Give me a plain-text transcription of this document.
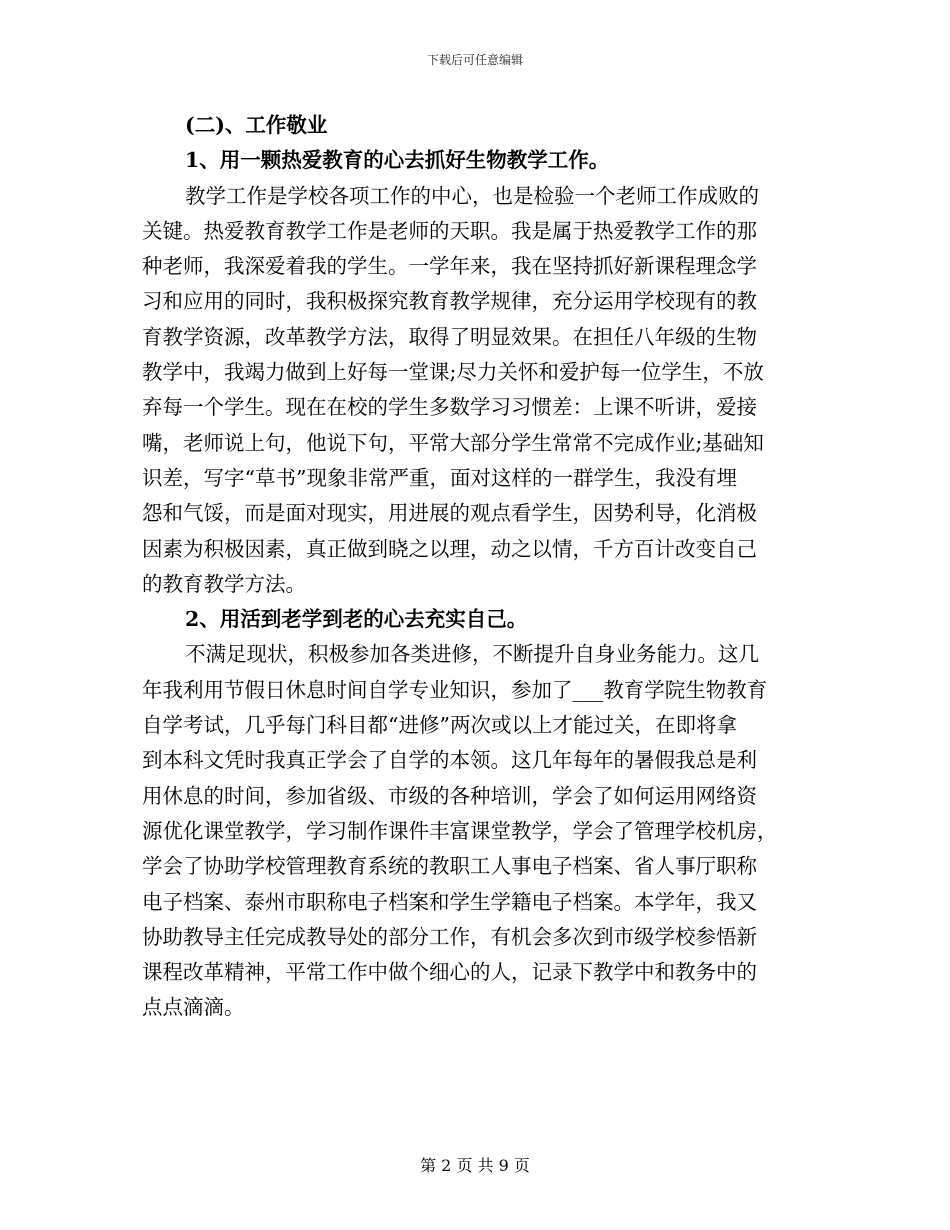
下载后可任意编辑

(二)、工作敬业

1、用一颗热爱教育的心去抓好生物教学工作。

教学工作是学校各项工作的中心，也是检验一个老师工作成败的
关键。热爱教育教学工作是老师的天职。我是属于热爱教学工作的那
种老师，我深爱着我的学生。一学年来，我在坚持抓好新课程理念学
习和应用的同时，我积极探究教育教学规律，充分运用学校现有的教
育教学资源，改革教学方法，取得了明显效果。在担任八年级的生物
教学中，我竭力做到上好每一堂课;尽力关怀和爱护每一位学生，不放
弃每一个学生。现在在校的学生多数学习习惯差：上课不听讲，爱接
嘴，老师说上句，他说下句，平常大部分学生常常不完成作业;基础知
识差，写字“草书”现象非常严重，面对这样的一群学生，我没有埋
怨和气馁，而是面对现实，用进展的观点看学生，因势利导，化消极
因素为积极因素，真正做到晓之以理，动之以情，千方百计改变自己
的教育教学方法。

2、用活到老学到老的心去充实自己。

不满足现状，积极参加各类进修，不断提升自身业务能力。这几
年我利用节假日休息时间自学专业知识，参加了___教育学院生物教育
自学考试，几乎每门科目都“进修”两次或以上才能过关，在即将拿
到本科文凭时我真正学会了自学的本领。这几年每年的暑假我总是利
用休息的时间，参加省级、市级的各种培训，学会了如何运用网络资
源优化课堂教学，学习制作课件丰富课堂教学，学会了管理学校机房，
学会了协助学校管理教育系统的教职工人事电子档案、省人事厅职称
电子档案、泰州市职称电子档案和学生学籍电子档案。本学年，我又
协助教导主任完成教导处的部分工作，有机会多次到市级学校参悟新
课程改革精神，平常工作中做个细心的人，记录下教学中和教务中的
点点滴滴。

第 2 页 共 9 页
